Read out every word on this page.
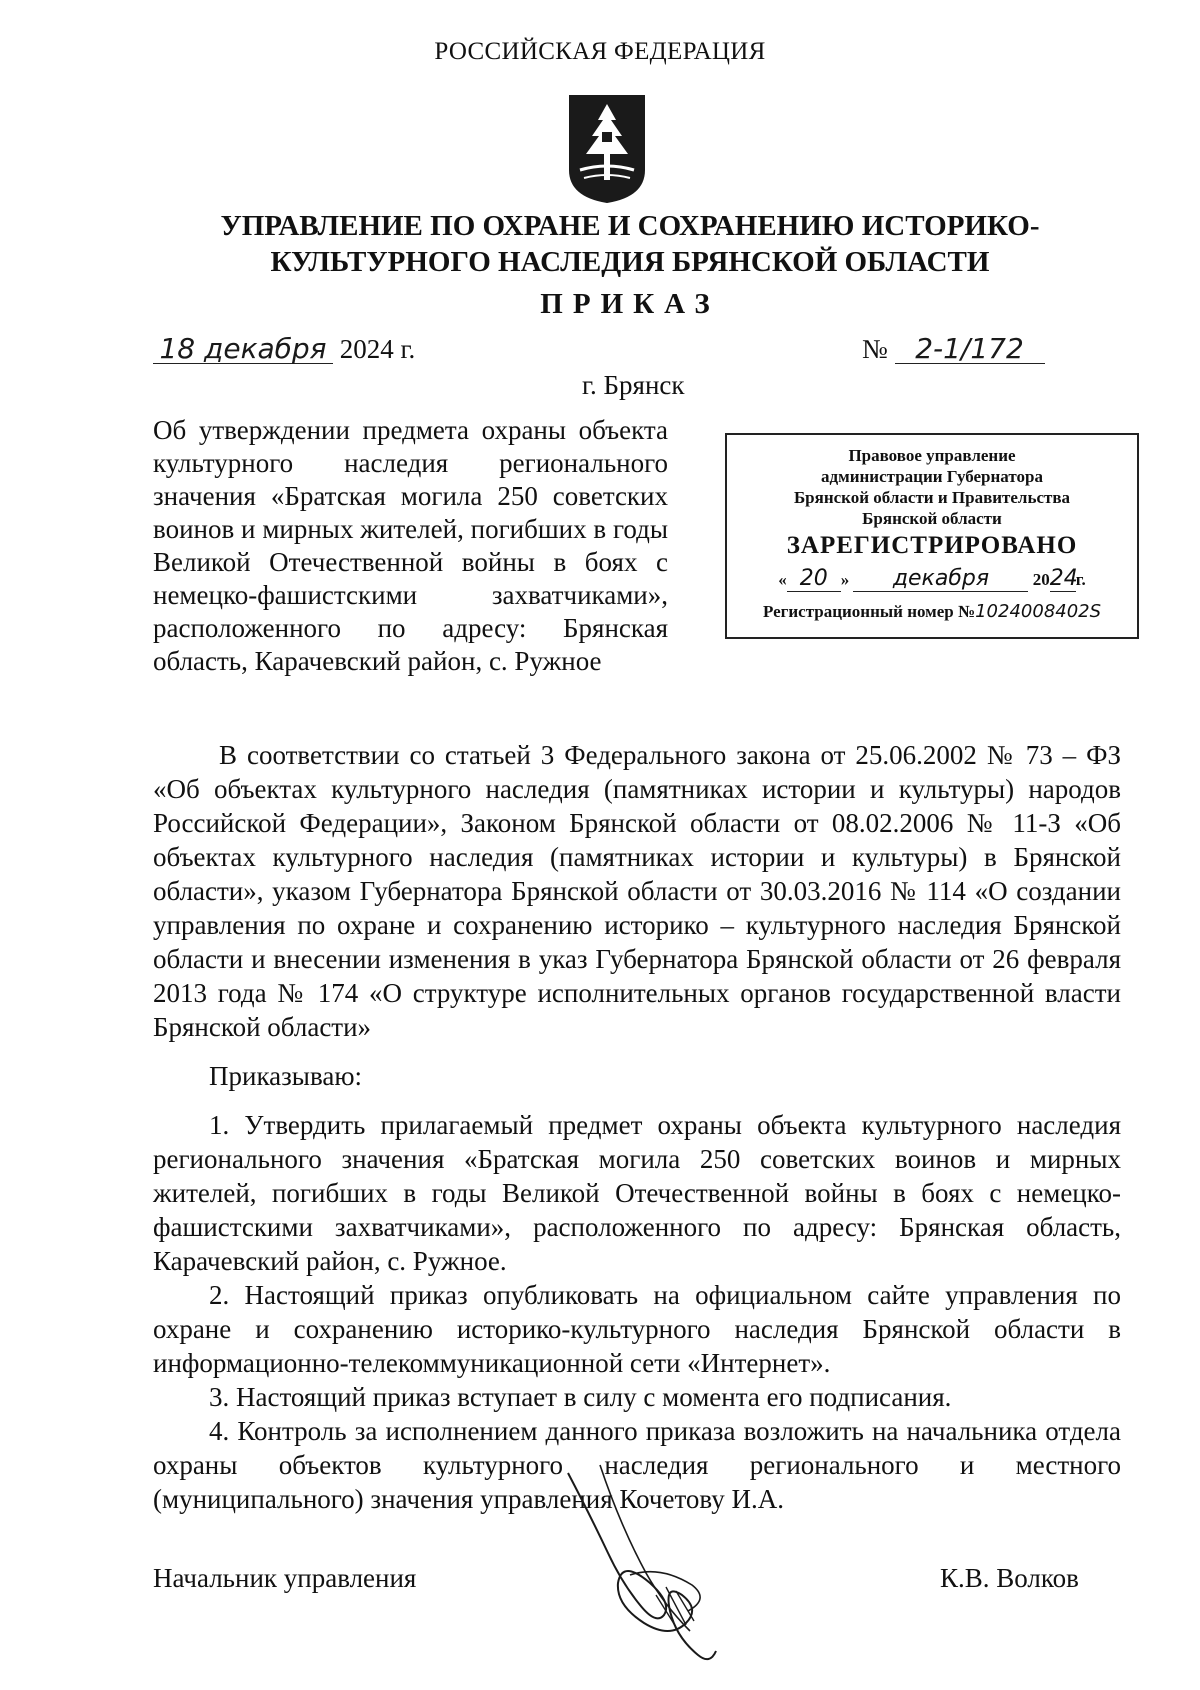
РОССИЙСКАЯ ФЕДЕРАЦИЯ
УПРАВЛЕНИЕ ПО ОХРАНЕ И СОХРАНЕНИЮ ИСТОРИКО-КУЛЬТУРНОГО НАСЛЕДИЯ БРЯНСКОЙ ОБЛАСТИ
ПРИКАЗ
18 декабря 2024 г.	№ 2-1/172
г. Брянск
Об утверждении предмета охраны объекта культурного наследия регионального значения «Братская могила 250 советских воинов и мирных жителей, погибших в годы Великой Отечественной войны в боях с немецко-фашистскими захватчиками», расположенного по адресу: Брянская область, Карачевский район, с. Ружное
Правовое управление
администрации Губернатора
Брянской области и Правительства
Брянской области
ЗАРЕГИСТРИРОВАНО
« 20 » декабря	2024г.
Регистрационный номер №1024008402S

В соответствии со статьей 3 Федерального закона от 25.06.2002 № 73 – ФЗ «Об объектах культурного наследия (памятниках истории и культуры) народов Российской Федерации», Законом Брянской области от 08.02.2006 № 11-З «Об объектах культурного наследия (памятниках истории и культуры) в Брянской области», указом Губернатора Брянской области от 30.03.2016 № 114 «О создании управления по охране и сохранению историко – культурного наследия Брянской области и внесении изменения в указ Губернатора Брянской области от 26 февраля 2013 года № 174 «О структуре исполнительных органов государственной власти Брянской области»

Приказываю:

1. Утвердить прилагаемый предмет охраны объекта культурного наследия регионального значения «Братская могила 250 советских воинов и мирных жителей, погибших в годы Великой Отечественной войны в боях с немецко-фашистскими захватчиками», расположенного по адресу: Брянская область, Карачевский район, с. Ружное.

2. Настоящий приказ опубликовать на официальном сайте управления по охране и сохранению историко-культурного наследия Брянской области в информационно-телекоммуникационной сети «Интернет».

3. Настоящий приказ вступает в силу с момента его подписания.

4. Контроль за исполнением данного приказа возложить на начальника отдела охраны объектов культурного наследия регионального и местного (муниципального) значения управления Кочетову И.А.

Начальник управления	К.В. Волков
